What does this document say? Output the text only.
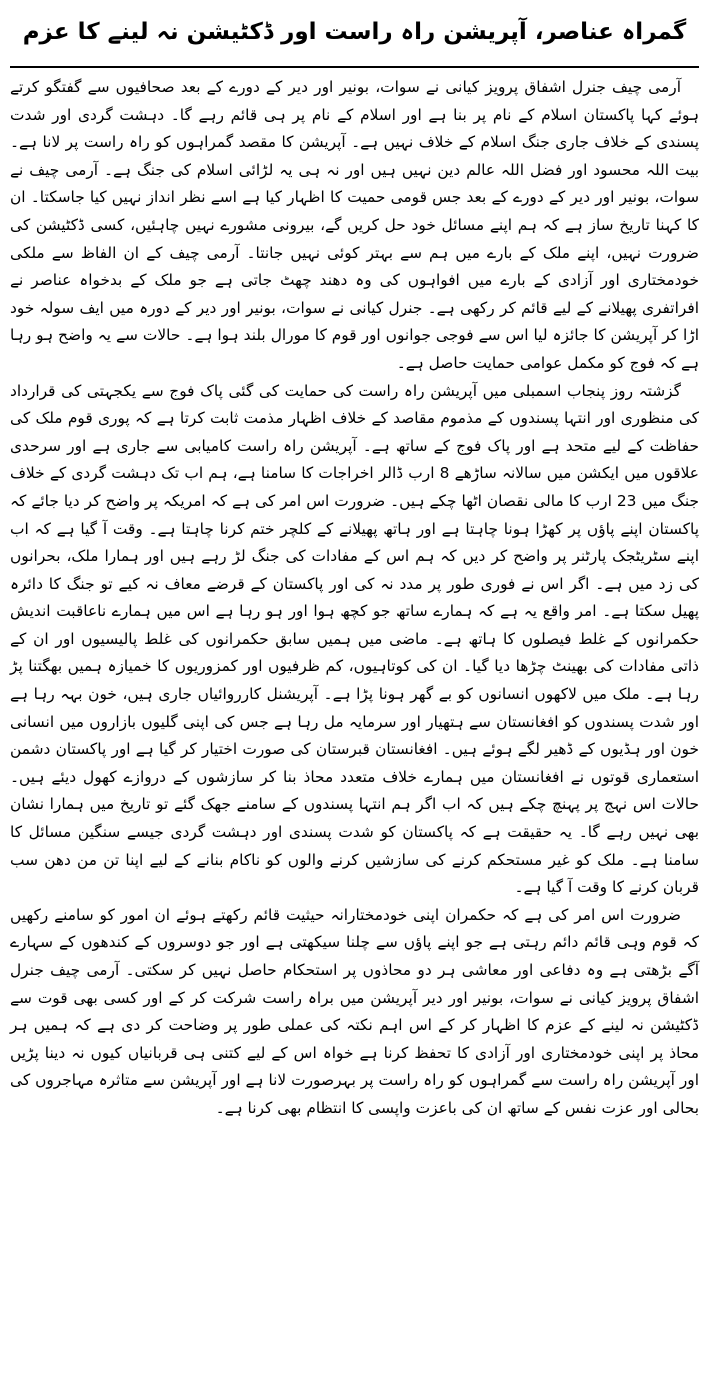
گمراہ عناصر، آپریشن راہ راست اور ڈکٹیشن نہ لینے کا عزم

آرمی چیف جنرل اشفاق پرویز کیانی نے سوات، بونیر اور دیر کے دورے کے بعد صحافیوں سے گفتگو کرتے ہوئے کہا پاکستان اسلام کے نام پر بنا ہے اور اسلام کے نام پر ہی قائم رہے گا۔ دہشت گردی اور شدت پسندی کے خلاف جاری جنگ اسلام کے خلاف نہیں ہے۔ آپریشن کا مقصد گمراہوں کو راہ راست پر لانا ہے۔ بیت اللہ محسود اور فضل اللہ عالم دین نہیں ہیں اور نہ ہی یہ لڑائی اسلام کی جنگ ہے۔ آرمی چیف نے سوات، بونیر اور دیر کے دورے کے بعد جس قومی حمیت کا اظہار کیا ہے اسے نظر انداز نہیں کیا جاسکتا۔ ان کا کہنا تاریخ ساز ہے کہ ہم اپنے مسائل خود حل کریں گے، بیرونی مشورے نہیں چاہئیں، کسی ڈکٹیشن کی ضرورت نہیں، اپنے ملک کے بارے میں ہم سے بہتر کوئی نہیں جانتا۔ آرمی چیف کے ان الفاظ سے ملکی خودمختاری اور آزادی کے بارے میں افواہوں کی وہ دھند چھٹ جاتی ہے جو ملک کے بدخواہ عناصر نے افراتفری پھیلانے کے لیے قائم کر رکھی ہے۔ جنرل کیانی نے سوات، بونیر اور دیر کے دورہ میں ایف سولہ خود اڑا کر آپریشن کا جائزہ لیا اس سے فوجی جوانوں اور قوم کا مورال بلند ہوا ہے۔ حالات سے یہ واضح ہو رہا ہے کہ فوج کو مکمل عوامی حمایت حاصل ہے۔

گزشتہ روز پنجاب اسمبلی میں آپریشن راہ راست کی حمایت کی گئی پاک فوج سے یکجہتی کی قرارداد کی منظوری اور انتہا پسندوں کے مذموم مقاصد کے خلاف اظہار مذمت ثابت کرتا ہے کہ پوری قوم ملک کی حفاظت کے لیے متحد ہے اور پاک فوج کے ساتھ ہے۔ آپریشن راہ راست کامیابی سے جاری ہے اور سرحدی علاقوں میں ایکشن میں سالانہ ساڑھے 8 ارب ڈالر اخراجات کا سامنا ہے، ہم اب تک دہشت گردی کے خلاف جنگ میں 23 ارب کا مالی نقصان اٹھا چکے ہیں۔ ضرورت اس امر کی ہے کہ امریکہ پر واضح کر دیا جائے کہ پاکستان اپنے پاؤں پر کھڑا ہونا چاہتا ہے اور ہاتھ پھیلانے کے کلچر ختم کرنا چاہتا ہے۔ وقت آ گیا ہے کہ اب اپنے سٹریٹجک پارٹنر پر واضح کر دیں کہ ہم اس کے مفادات کی جنگ لڑ رہے ہیں اور ہمارا ملک، بحرانوں کی زد میں ہے۔ اگر اس نے فوری طور پر مدد نہ کی اور پاکستان کے قرضے معاف نہ کیے تو جنگ کا دائرہ پھیل سکتا ہے۔ امر واقع یہ ہے کہ ہمارے ساتھ جو کچھ ہوا اور ہو رہا ہے اس میں ہمارے ناعاقبت اندیش حکمرانوں کے غلط فیصلوں کا ہاتھ ہے۔ ماضی میں ہمیں سابق حکمرانوں کی غلط پالیسیوں اور ان کے ذاتی مفادات کی بھینٹ چڑھا دیا گیا۔ ان کی کوتاہیوں، کم ظرفیوں اور کمزوریوں کا خمیازہ ہمیں بھگتنا پڑ رہا ہے۔ ملک میں لاکھوں انسانوں کو بے گھر ہونا پڑا ہے۔ آپریشنل کارروائیاں جاری ہیں، خون بہہ رہا ہے اور شدت پسندوں کو افغانستان سے ہتھیار اور سرمایہ مل رہا ہے جس کی اپنی گلیوں بازاروں میں انسانی خون اور ہڈیوں کے ڈھیر لگے ہوئے ہیں۔ افغانستان قبرستان کی صورت اختیار کر گیا ہے اور پاکستان دشمن استعماری قوتوں نے افغانستان میں ہمارے خلاف متعدد محاذ بنا کر سازشوں کے دروازے کھول دیئے ہیں۔ حالات اس نہج پر پہنچ چکے ہیں کہ اب اگر ہم انتہا پسندوں کے سامنے جھک گئے تو تاریخ میں ہمارا نشان بھی نہیں رہے گا۔ یہ حقیقت ہے کہ پاکستان کو شدت پسندی اور دہشت گردی جیسے سنگین مسائل کا سامنا ہے۔ ملک کو غیر مستحکم کرنے کی سازشیں کرنے والوں کو ناکام بنانے کے لیے اپنا تن من دھن سب قربان کرنے کا وقت آ گیا ہے۔

ضرورت اس امر کی ہے کہ حکمران اپنی خودمختارانہ حیثیت قائم رکھتے ہوئے ان امور کو سامنے رکھیں کہ قوم وہی قائم دائم رہتی ہے جو اپنے پاؤں سے چلنا سیکھتی ہے اور جو دوسروں کے کندھوں کے سہارے آگے بڑھتی ہے وہ دفاعی اور معاشی ہر دو محاذوں پر استحکام حاصل نہیں کر سکتی۔ آرمی چیف جنرل اشفاق پرویز کیانی نے سوات، بونیر اور دیر آپریشن میں براہ راست شرکت کر کے اور کسی بھی قوت سے ڈکٹیشن نہ لینے کے عزم کا اظہار کر کے اس اہم نکتہ کی عملی طور پر وضاحت کر دی ہے کہ ہمیں ہر محاذ پر اپنی خودمختاری اور آزادی کا تحفظ کرنا ہے خواہ اس کے لیے کتنی ہی قربانیاں کیوں نہ دینا پڑیں اور آپریشن راہ راست سے گمراہوں کو راہ راست پر بہرصورت لانا ہے اور آپریشن سے متاثرہ مہاجروں کی بحالی اور عزت نفس کے ساتھ ان کی باعزت واپسی کا انتظام بھی کرنا ہے۔
